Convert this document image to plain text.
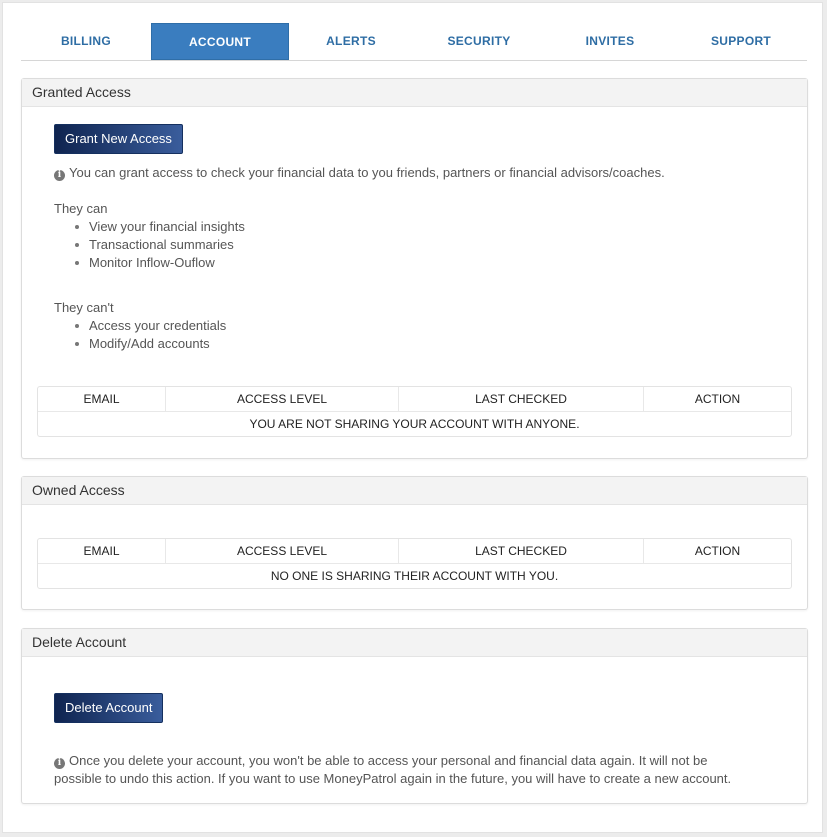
BILLING	ACCOUNT	ALERTS	SECURITY	INVITES	SUPPORT
Granted Access
Grant New Access
i You can grant access to check your financial data to you friends, partners or financial advisors/coaches.
They can
View your financial insights
Transactional summaries
Monitor Inflow-Ouflow
They can't
Access your credentials
Modify/Add accounts
EMAIL	ACCESS LEVEL	LAST CHECKED	ACTION
YOU ARE NOT SHARING YOUR ACCOUNT WITH ANYONE.
Owned Access
EMAIL	ACCESS LEVEL	LAST CHECKED	ACTION
NO ONE IS SHARING THEIR ACCOUNT WITH YOU.
Delete Account
Delete Account
i Once you delete your account, you won't be able to access your personal and financial data again. It will not be
possible to undo this action. If you want to use MoneyPatrol again in the future, you will have to create a new account.
